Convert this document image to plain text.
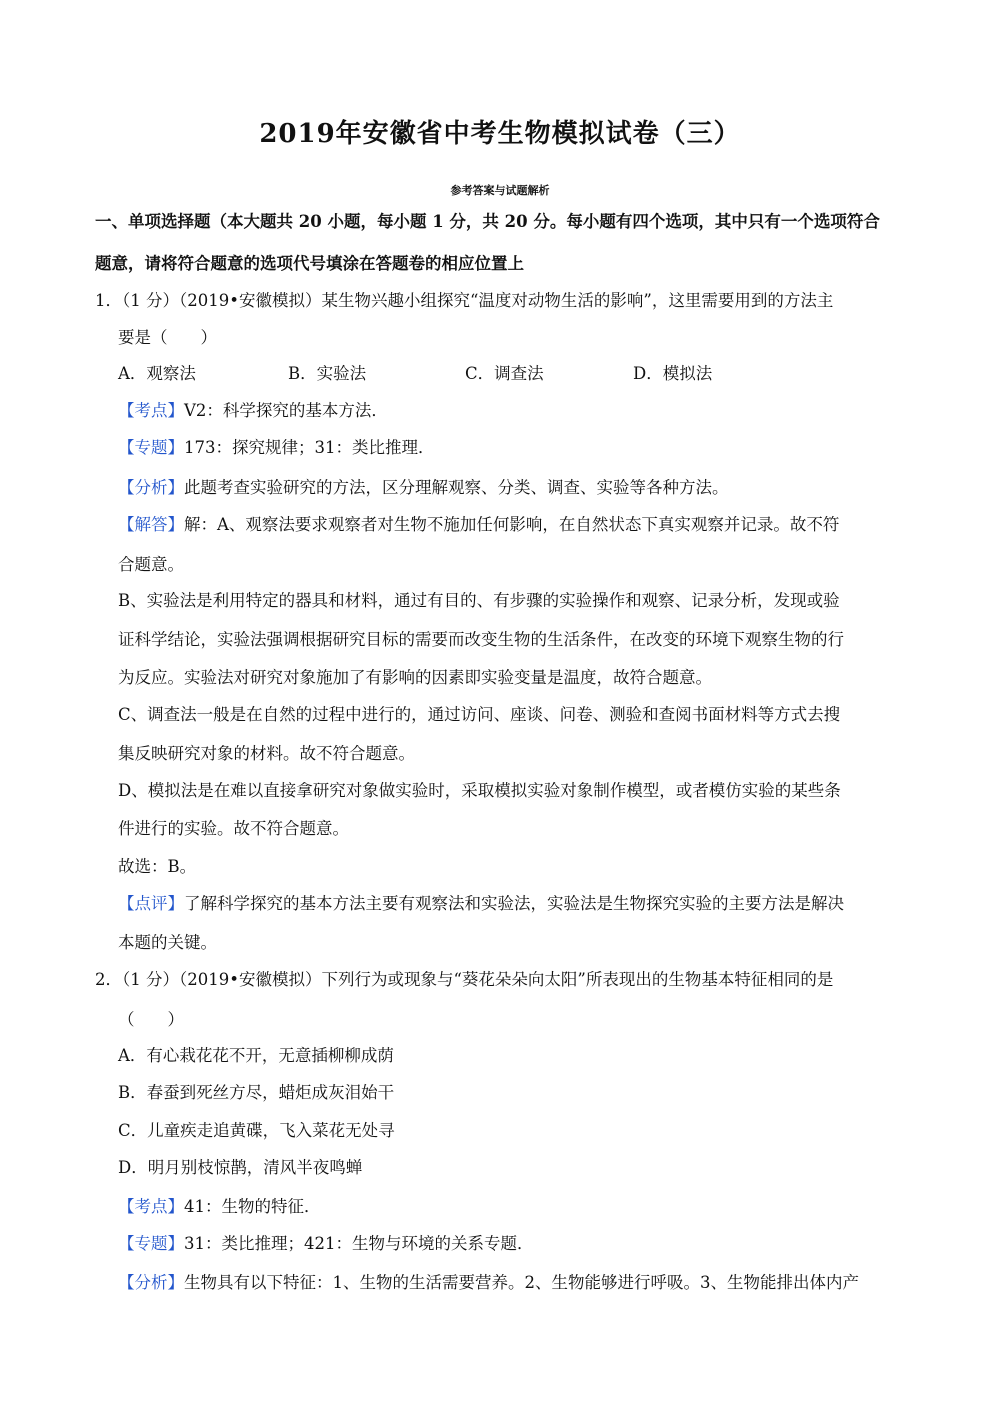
2019年安徽省中考生物模拟试卷（三）
参考答案与试题解析
一、单项选择题（本大题共 20 小题，每小题 1 分，共 20 分。每小题有四个选项，其中只有一个选项符合
题意，请将符合题意的选项代号填涂在答题卷的相应位置上
1．（1 分）（2019•安徽模拟）某生物兴趣小组探究“温度对动物生活的影响”，这里需要用到的方法主
要是（　　）
A．观察法	B．实验法	C．调查法	D．模拟法
【考点】V2：科学探究的基本方法．
【专题】173：探究规律；31：类比推理．
【分析】此题考查实验研究的方法，区分理解观察、分类、调查、实验等各种方法。
【解答】解：A、观察法要求观察者对生物不施加任何影响，在自然状态下真实观察并记录。故不符
合题意。
B、实验法是利用特定的器具和材料，通过有目的、有步骤的实验操作和观察、记录分析，发现或验
证科学结论，实验法强调根据研究目标的需要而改变生物的生活条件，在改变的环境下观察生物的行
为反应。实验法对研究对象施加了有影响的因素即实验变量是温度，故符合题意。
C、调查法一般是在自然的过程中进行的，通过访问、座谈、问卷、测验和查阅书面材料等方式去搜
集反映研究对象的材料。故不符合题意。
D、模拟法是在难以直接拿研究对象做实验时，采取模拟实验对象制作模型，或者模仿实验的某些条
件进行的实验。故不符合题意。
故选：B。
【点评】了解科学探究的基本方法主要有观察法和实验法，实验法是生物探究实验的主要方法是解决
本题的关键。
2．（1 分）（2019•安徽模拟）下列行为或现象与“葵花朵朵向太阳”所表现出的生物基本特征相同的是
（　　）
A．有心栽花花不开，无意插柳柳成荫
B．春蚕到死丝方尽，蜡炬成灰泪始干
C．儿童疾走追黄碟，飞入菜花无处寻
D．明月别枝惊鹊，清风半夜鸣蝉
【考点】41：生物的特征．
【专题】31：类比推理；421：生物与环境的关系专题．
【分析】生物具有以下特征：1、生物的生活需要营养。2、生物能够进行呼吸。3、生物能排出体内产
